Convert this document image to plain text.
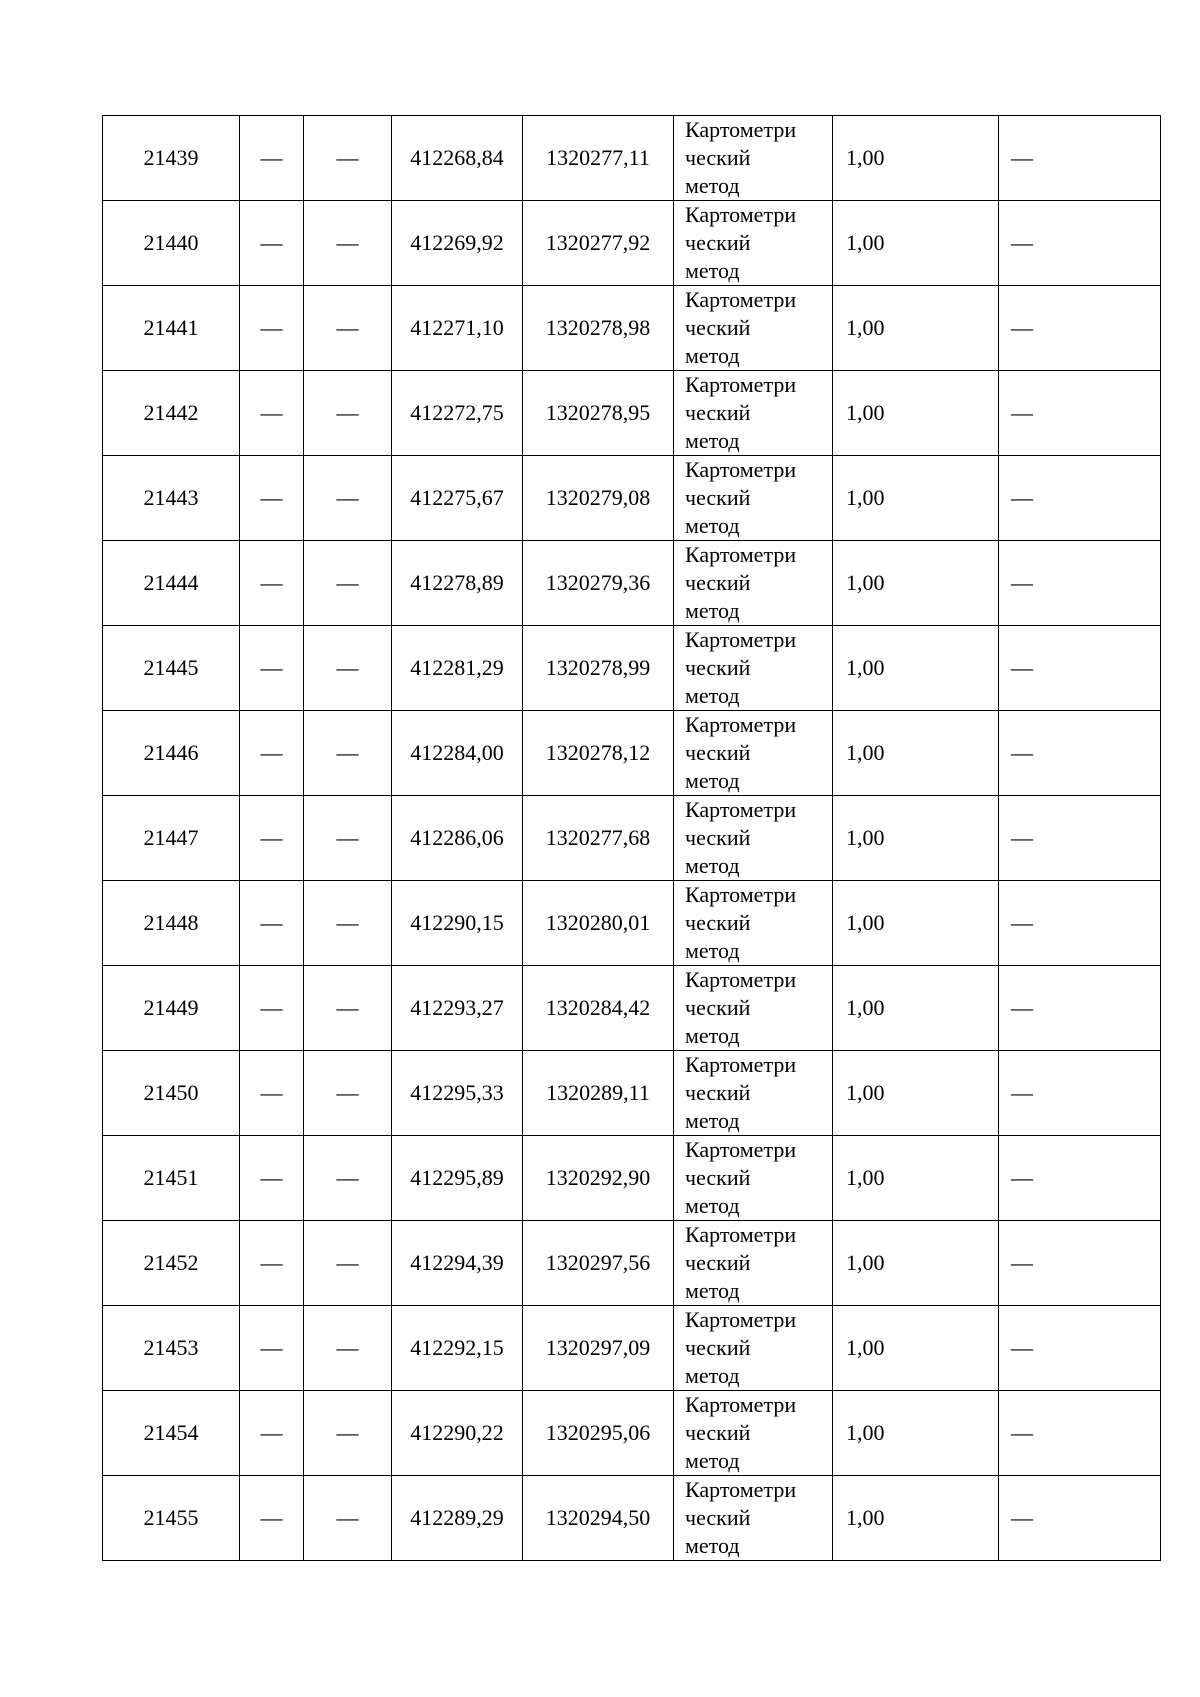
21439	—	—	412268,84	1320277,11	Картометри
ческий
метод	1,00	—
21440	—	—	412269,92	1320277,92	Картометри
ческий
метод	1,00	—
21441	—	—	412271,10	1320278,98	Картометри
ческий
метод	1,00	—
21442	—	—	412272,75	1320278,95	Картометри
ческий
метод	1,00	—
21443	—	—	412275,67	1320279,08	Картометри
ческий
метод	1,00	—
21444	—	—	412278,89	1320279,36	Картометри
ческий
метод	1,00	—
21445	—	—	412281,29	1320278,99	Картометри
ческий
метод	1,00	—
21446	—	—	412284,00	1320278,12	Картометри
ческий
метод	1,00	—
21447	—	—	412286,06	1320277,68	Картометри
ческий
метод	1,00	—
21448	—	—	412290,15	1320280,01	Картометри
ческий
метод	1,00	—
21449	—	—	412293,27	1320284,42	Картометри
ческий
метод	1,00	—
21450	—	—	412295,33	1320289,11	Картометри
ческий
метод	1,00	—
21451	—	—	412295,89	1320292,90	Картометри
ческий
метод	1,00	—
21452	—	—	412294,39	1320297,56	Картометри
ческий
метод	1,00	—
21453	—	—	412292,15	1320297,09	Картометри
ческий
метод	1,00	—
21454	—	—	412290,22	1320295,06	Картометри
ческий
метод	1,00	—
21455	—	—	412289,29	1320294,50	Картометри
ческий
метод	1,00	—
